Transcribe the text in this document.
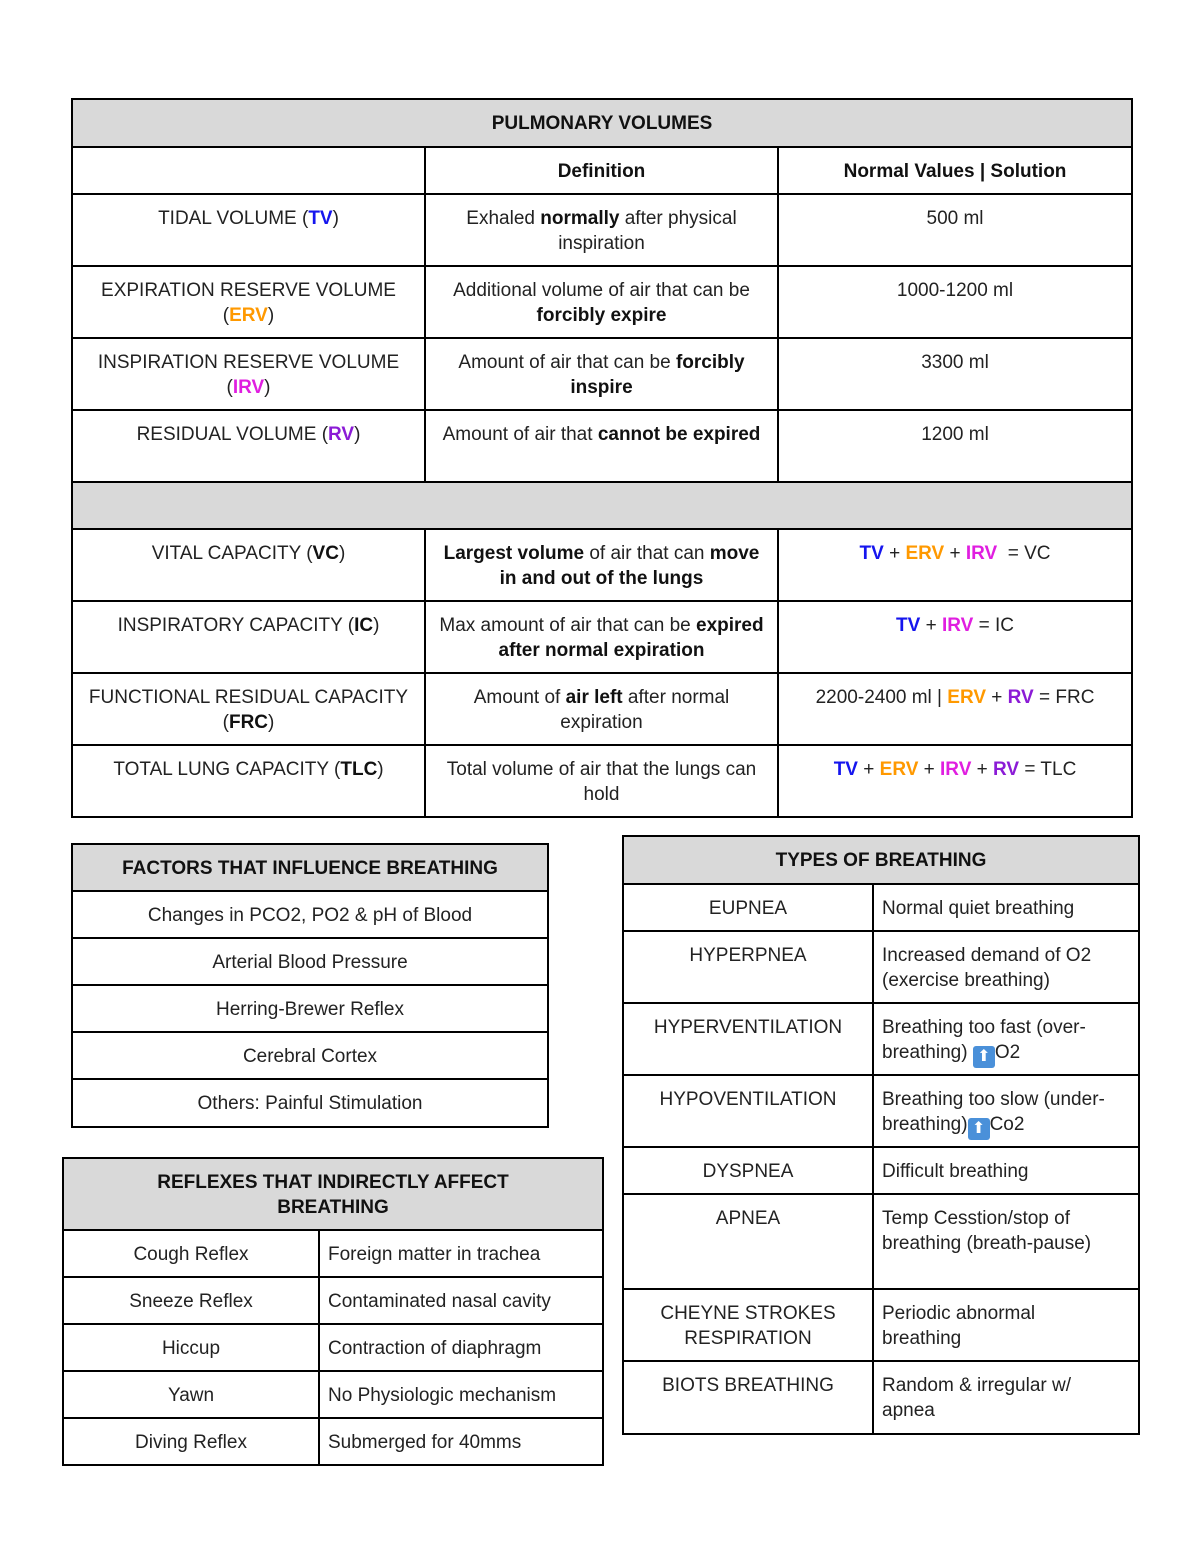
PULMONARY VOLUMES		
	Definition	Normal Values | Solution
TIDAL VOLUME (TV)	Exhaled normally after physical inspiration	500 ml
EXPIRATION RESERVE VOLUME (ERV)	Additional volume of air that can be forcibly expire	1000-1200 ml
INSPIRATION RESERVE VOLUME (IRV)	Amount of air that can be forcibly inspire	3300 ml
RESIDUAL VOLUME (RV)	Amount of air that cannot be expired	1200 ml

VITAL CAPACITY (VC)	Largest volume of air that can move in and out of the lungs	TV + ERV + IRV  = VC
INSPIRATORY CAPACITY (IC)	Max amount of air that can be expired after normal expiration	TV + IRV = IC
FUNCTIONAL RESIDUAL CAPACITY (FRC)	Amount of air left after normal expiration	2200-2400 ml | ERV + RV = FRC
TOTAL LUNG CAPACITY (TLC)	Total volume of air that the lungs can hold	TV + ERV + IRV + RV = TLC
FACTORS THAT INFLUENCE BREATHING
Changes in PCO2, PO2 & pH of Blood
Arterial Blood Pressure
Herring-Brewer Reflex
Cerebral Cortex
Others: Painful Stimulation
REFLEXES THAT INDIRECTLY AFFECT BREATHING	
Cough Reflex	Foreign matter in trachea
Sneeze Reflex	Contaminated nasal cavity
Hiccup	Contraction of diaphragm
Yawn	No Physiologic mechanism
Diving Reflex	Submerged for 40mms
TYPES OF BREATHING	
EUPNEA	Normal quiet breathing
HYPERPNEA	Increased demand of O2 (exercise breathing)
HYPERVENTILATION	Breathing too fast (over-breathing) ⬆ O2
HYPOVENTILATION	Breathing too slow (under-breathing) ⬆ Co2
DYSPNEA	Difficult breathing
APNEA	Temp Cesstion/stop of breathing (breath-pause)
CHEYNE STROKES RESPIRATION	Periodic abnormal breathing
BIOTS BREATHING	Random & irregular w/ apnea
